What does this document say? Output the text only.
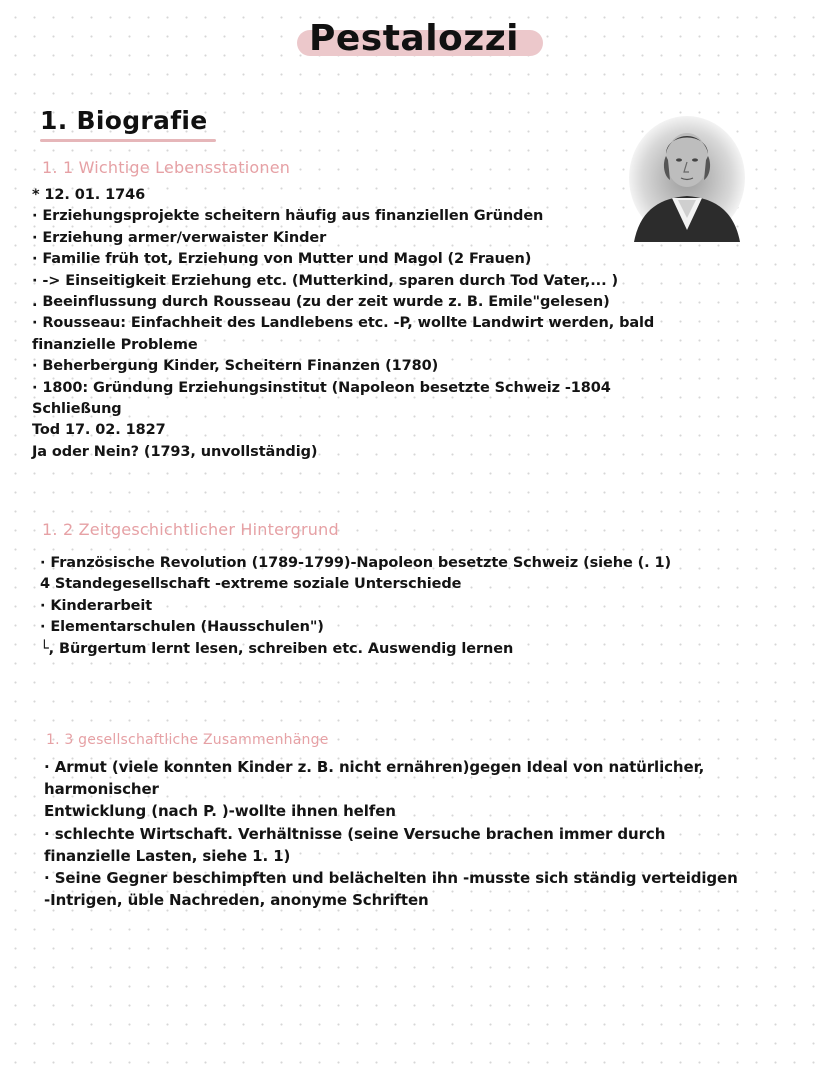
Pestalozzi
1. Biografie
1. 1 Wichtige Lebensstationen
* 12. 01. 1746
· Erziehungsprojekte scheitern häufig aus finanziellen Gründen
· Erziehung armer/verwaister Kinder
· Familie früh tot, Erziehung von Mutter und Magol (2 Frauen)
· -> Einseitigkeit Erziehung etc. (Mutterkind, sparen durch Tod Vater,... )
. Beeinflussung durch Rousseau (zu der zeit wurde z. B. Emile"gelesen)
· Rousseau: Einfachheit des Landlebens etc. -P, wollte Landwirt werden, bald
finanzielle Probleme
· Beherbergung Kinder, Scheitern Finanzen (1780)
· 1800: Gründung Erziehungsinstitut (Napoleon besetzte Schweiz -1804
Schließung
Tod 17. 02. 1827
Ja oder Nein? (1793, unvollständig)
1. 2 Zeitgeschichtlicher Hintergrund
· Französische Revolution (1789-1799)-Napoleon besetzte Schweiz (siehe (. 1)
4 Standegesellschaft -extreme soziale Unterschiede
· Kinderarbeit
· Elementarschulen (Hausschulen")
└, Bürgertum lernt lesen, schreiben etc. Auswendig lernen
1. 3 gesellschaftliche Zusammenhänge
· Armut (viele konnten Kinder z. B. nicht ernähren)gegen Ideal von natürlicher,
harmonischer
Entwicklung (nach P. )-wollte ihnen helfen
· schlechte Wirtschaft. Verhältnisse (seine Versuche brachen immer durch
finanzielle Lasten, siehe 1. 1)
· Seine Gegner beschimpften und belächelten ihn -musste sich ständig verteidigen
-Intrigen, üble Nachreden, anonyme Schriften
